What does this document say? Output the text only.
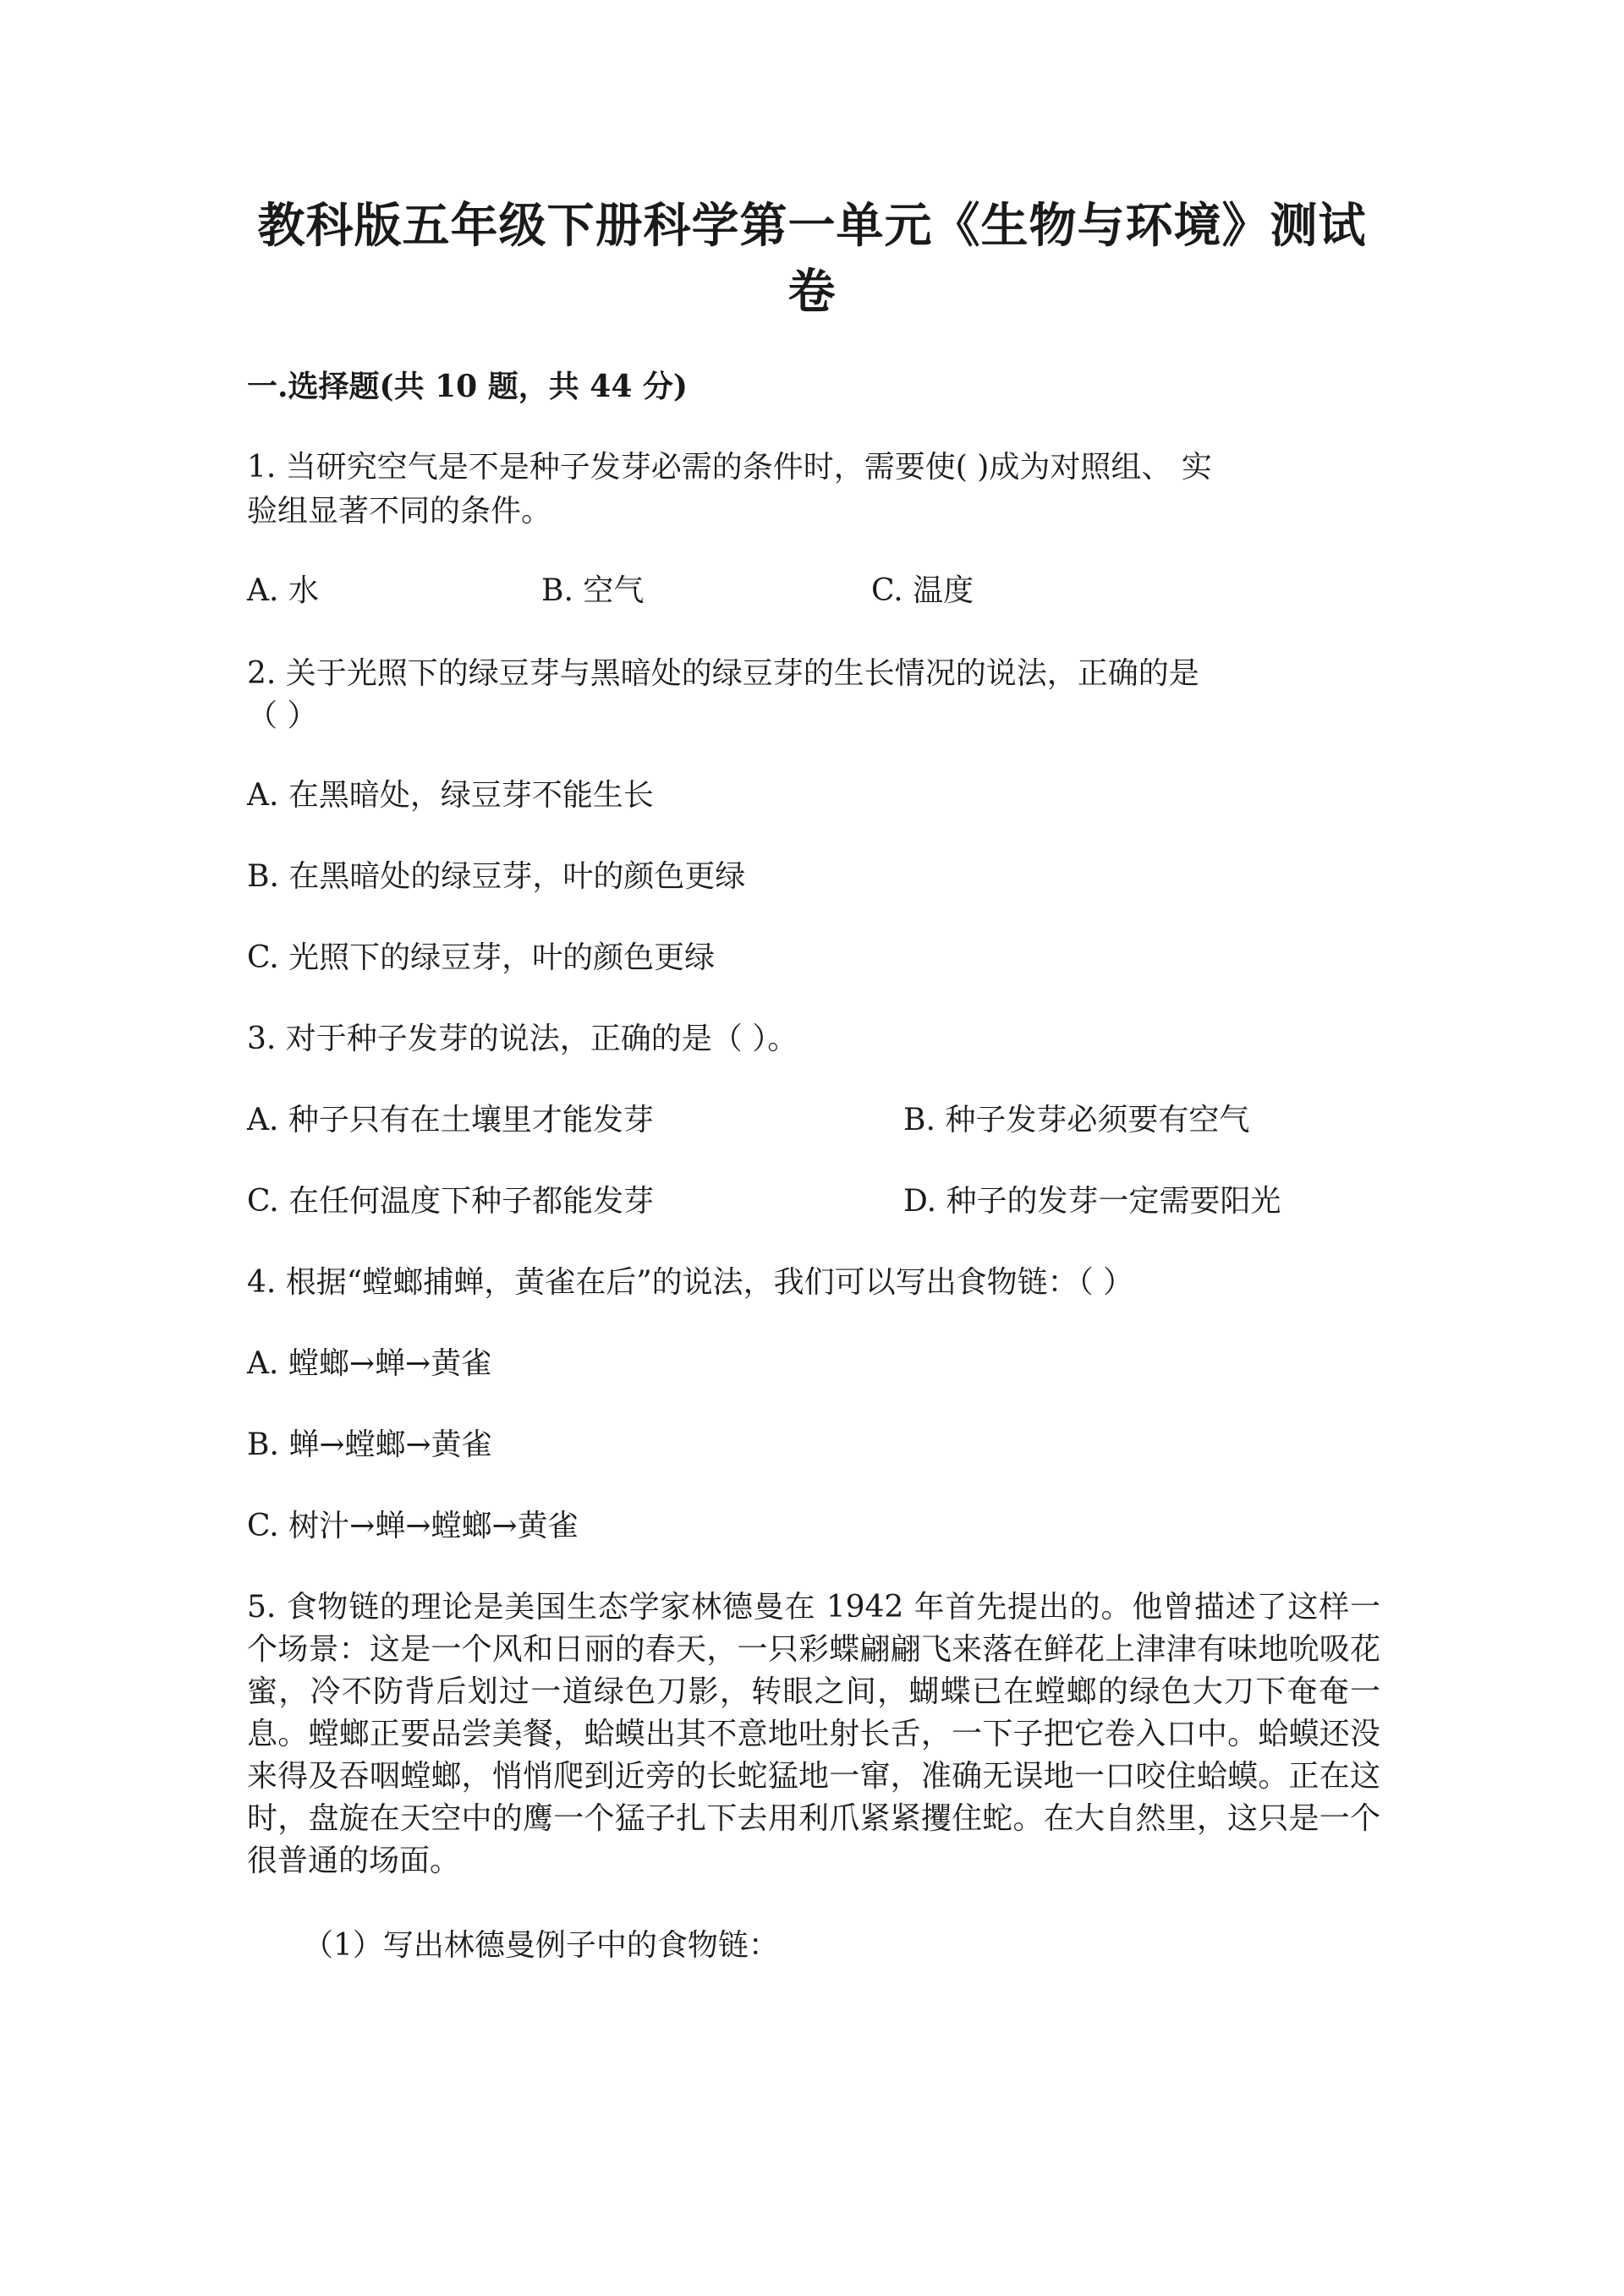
教科版五年级下册科学第一单元《生物与环境》测试卷
一.选择题(共 10 题，共 44 分)
1. 当研究空气是不是种子发芽必需的条件时，需要使( )成为对照组、 实
验组显著不同的条件。
A. 水	B. 空气	C. 温度
2. 关于光照下的绿豆芽与黑暗处的绿豆芽的生长情况的说法，正确的是
（ ）
A. 在黑暗处，绿豆芽不能生长
B. 在黑暗处的绿豆芽，叶的颜色更绿
C. 光照下的绿豆芽，叶的颜色更绿
3. 对于种子发芽的说法，正确的是（ ）。
A. 种子只有在土壤里才能发芽	B. 种子发芽必须要有空气
C. 在任何温度下种子都能发芽	D. 种子的发芽一定需要阳光
4. 根据“螳螂捕蝉，黄雀在后”的说法，我们可以写出食物链：（ ）
A. 螳螂→蝉→黄雀
B. 蝉→螳螂→黄雀
C. 树汁→蝉→螳螂→黄雀
5. 食物链的理论是美国生态学家林德曼在 1942 年首先提出的。他曾描述了这样一个场景：这是一个风和日丽的春天，一只彩蝶翩翩飞来落在鲜花上津津有味地吮吸花蜜，冷不防背后划过一道绿色刀影，转眼之间，蝴蝶已在螳螂的绿色大刀下奄奄一息。螳螂正要品尝美餐，蛤蟆出其不意地吐射长舌，一下子把它卷入口中。蛤蟆还没来得及吞咽螳螂，悄悄爬到近旁的长蛇猛地一窜，准确无误地一口咬住蛤蟆。正在这时，盘旋在天空中的鹰一个猛子扎下去用利爪紧紧攫住蛇。在大自然里，这只是一个很普通的场面。
（1）写出林德曼例子中的食物链：
